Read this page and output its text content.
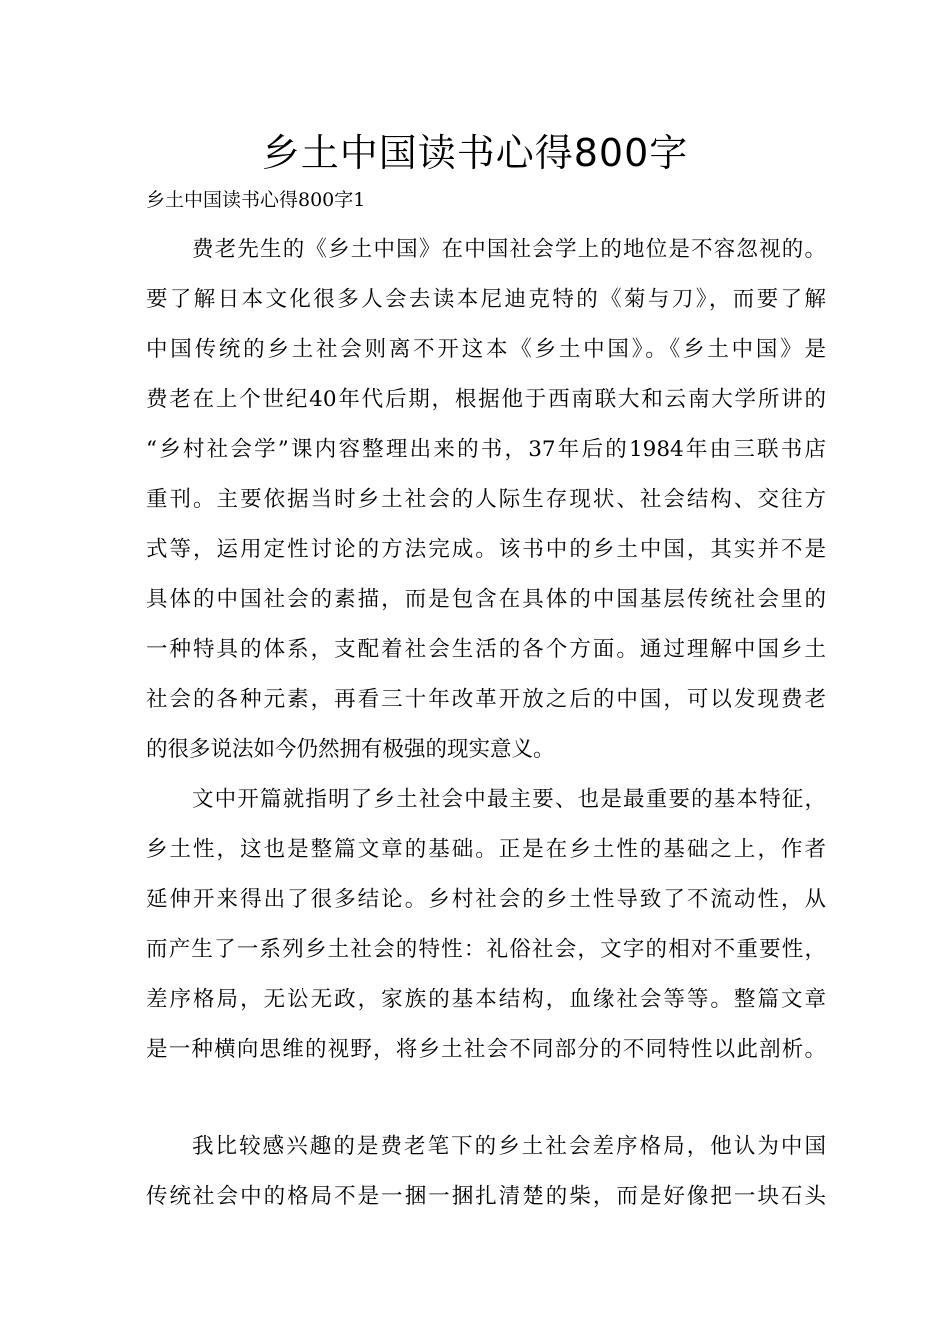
乡土中国读书心得800字
乡土中国读书心得800字1
费老先生的《乡土中国》在中国社会学上的地位是不容忽视的。
要了解日本文化很多人会去读本尼迪克特的《菊与刀》，而要了解
中国传统的乡土社会则离不开这本《乡土中国》。《乡土中国》是
费老在上个世纪40年代后期，根据他于西南联大和云南大学所讲的
“乡村社会学”课内容整理出来的书，37年后的1984年由三联书店
重刊。主要依据当时乡土社会的人际生存现状、社会结构、交往方
式等，运用定性讨论的方法完成。该书中的乡土中国，其实并不是
具体的中国社会的素描，而是包含在具体的中国基层传统社会里的
一种特具的体系，支配着社会生活的各个方面。通过理解中国乡土
社会的各种元素，再看三十年改革开放之后的中国，可以发现费老
的很多说法如今仍然拥有极强的现实意义。
文中开篇就指明了乡土社会中最主要、也是最重要的基本特征，
乡土性，这也是整篇文章的基础。正是在乡土性的基础之上，作者
延伸开来得出了很多结论。乡村社会的乡土性导致了不流动性，从
而产生了一系列乡土社会的特性：礼俗社会，文字的相对不重要性，
差序格局，无讼无政，家族的基本结构，血缘社会等等。整篇文章
是一种横向思维的视野，将乡土社会不同部分的不同特性以此剖析。
我比较感兴趣的是费老笔下的乡土社会差序格局，他认为中国
传统社会中的格局不是一捆一捆扎清楚的柴，而是好像把一块石头
